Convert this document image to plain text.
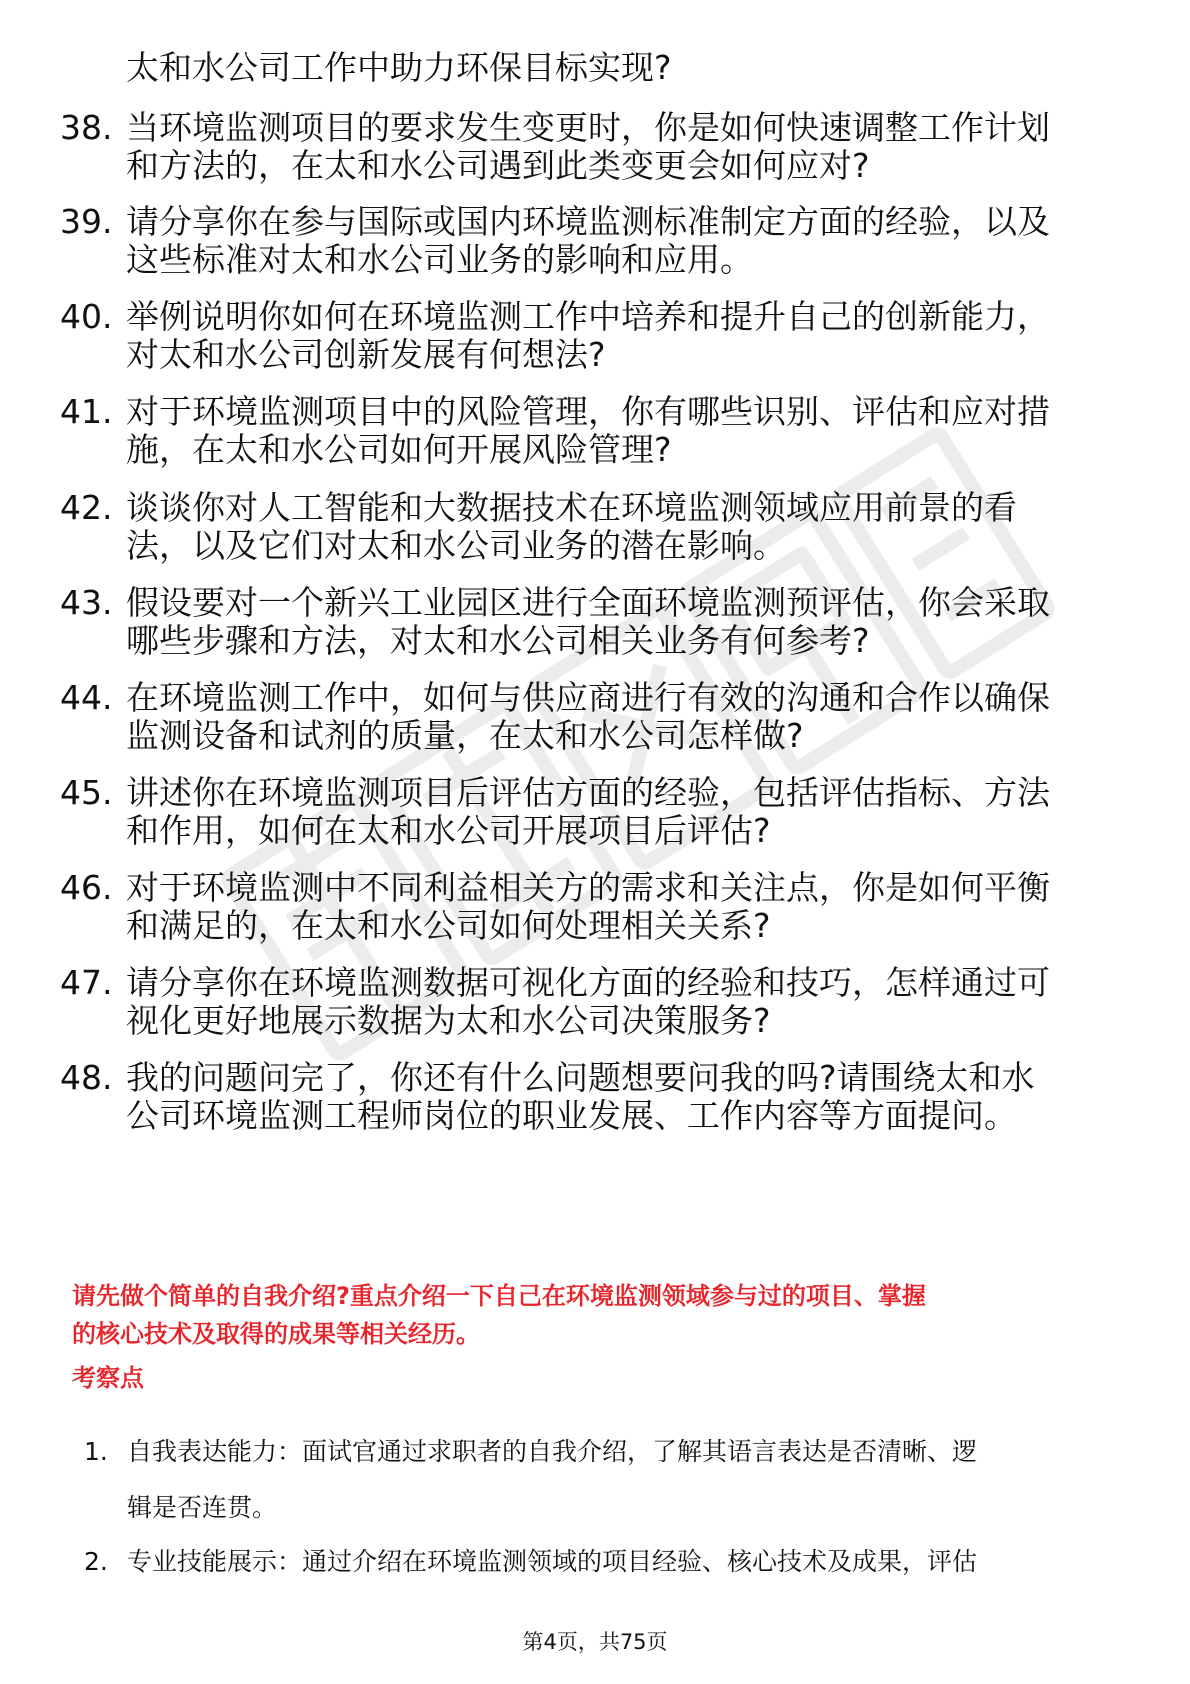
太和水公司工作中助力环保目标实现?
38. 当环境监测项目的要求发生变更时，你是如何快速调整工作计划
和方法的，在太和水公司遇到此类变更会如何应对?
39. 请分享你在参与国际或国内环境监测标准制定方面的经验，以及
这些标准对太和水公司业务的影响和应用。
40. 举例说明你如何在环境监测工作中培养和提升自己的创新能力，
对太和水公司创新发展有何想法?
41. 对于环境监测项目中的风险管理，你有哪些识别、评估和应对措
施，在太和水公司如何开展风险管理?
42. 谈谈你对人工智能和大数据技术在环境监测领域应用前景的看
法，以及它们对太和水公司业务的潜在影响。
43. 假设要对一个新兴工业园区进行全面环境监测预评估，你会采取
哪些步骤和方法，对太和水公司相关业务有何参考?
44. 在环境监测工作中，如何与供应商进行有效的沟通和合作以确保
监测设备和试剂的质量，在太和水公司怎样做?
45. 讲述你在环境监测项目后评估方面的经验，包括评估指标、方法
和作用，如何在太和水公司开展项目后评估?
46. 对于环境监测中不同利益相关方的需求和关注点，你是如何平衡
和满足的，在太和水公司如何处理相关关系?
47. 请分享你在环境监测数据可视化方面的经验和技巧，怎样通过可
视化更好地展示数据为太和水公司决策服务?
48. 我的问题问完了，你还有什么问题想要问我的吗?请围绕太和水
公司环境监测工程师岗位的职业发展、工作内容等方面提问。
请先做个简单的自我介绍?重点介绍一下自己在环境监测领域参与过的项目、掌握
的核心技术及取得的成果等相关经历。
考察点
1. 自我表达能力：面试官通过求职者的自我介绍，了解其语言表达是否清晰、逻
辑是否连贯。
2. 专业技能展示：通过介绍在环境监测领域的项目经验、核心技术及成果，评估
第4页，共75页
